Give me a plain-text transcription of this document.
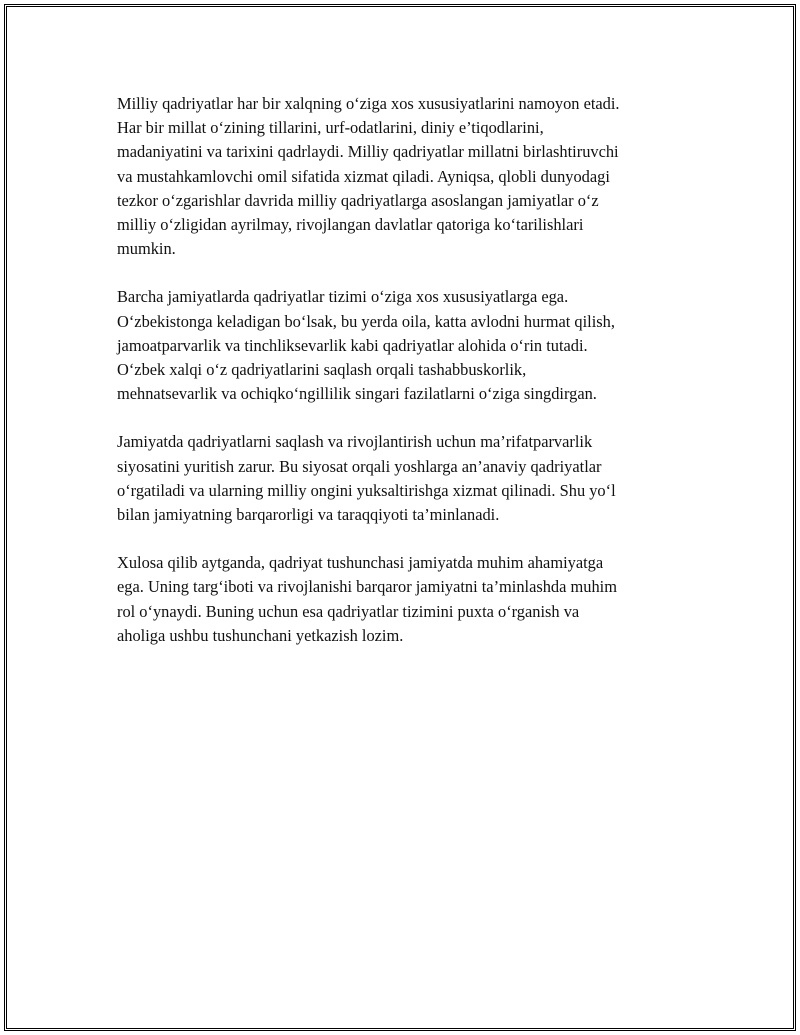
Milliy qadriyatlar har bir xalqning o‘ziga xos xususiyatlarini namoyon etadi.
Har bir millat o‘zining tillarini, urf-odatlarini, diniy e’tiqodlarini,
madaniyatini va tarixini qadrlaydi. Milliy qadriyatlar millatni birlashtiruvchi
va mustahkamlovchi omil sifatida xizmat qiladi. Ayniqsa, qlobli dunyodagi
tezkor o‘zgarishlar davrida milliy qadriyatlarga asoslangan jamiyatlar o‘z
milliy o‘zligidan ayrilmay, rivojlangan davlatlar qatoriga ko‘tarilishlari
mumkin.

Barcha jamiyatlarda qadriyatlar tizimi o‘ziga xos xususiyatlarga ega.
O‘zbekistonga keladigan bo‘lsak, bu yerda oila, katta avlodni hurmat qilish,
jamoatparvarlik va tinchliksevarlik kabi qadriyatlar alohida o‘rin tutadi.
O‘zbek xalqi o‘z qadriyatlarini saqlash orqali tashabbuskorlik,
mehnatsevarlik va ochiqko‘ngillilik singari fazilatlarni o‘ziga singdirgan.

Jamiyatda qadriyatlarni saqlash va rivojlantirish uchun ma’rifatparvarlik
siyosatini yuritish zarur. Bu siyosat orqali yoshlarga an’anaviy qadriyatlar
o‘rgatiladi va ularning milliy ongini yuksaltirishga xizmat qilinadi. Shu yo‘l
bilan jamiyatning barqarorligi va taraqqiyoti ta’minlanadi.

Xulosa qilib aytganda, qadriyat tushunchasi jamiyatda muhim ahamiyatga
ega. Uning targ‘iboti va rivojlanishi barqaror jamiyatni ta’minlashda muhim
rol o‘ynaydi. Buning uchun esa qadriyatlar tizimini puxta o‘rganish va
aholiga ushbu tushunchani yetkazish lozim.
